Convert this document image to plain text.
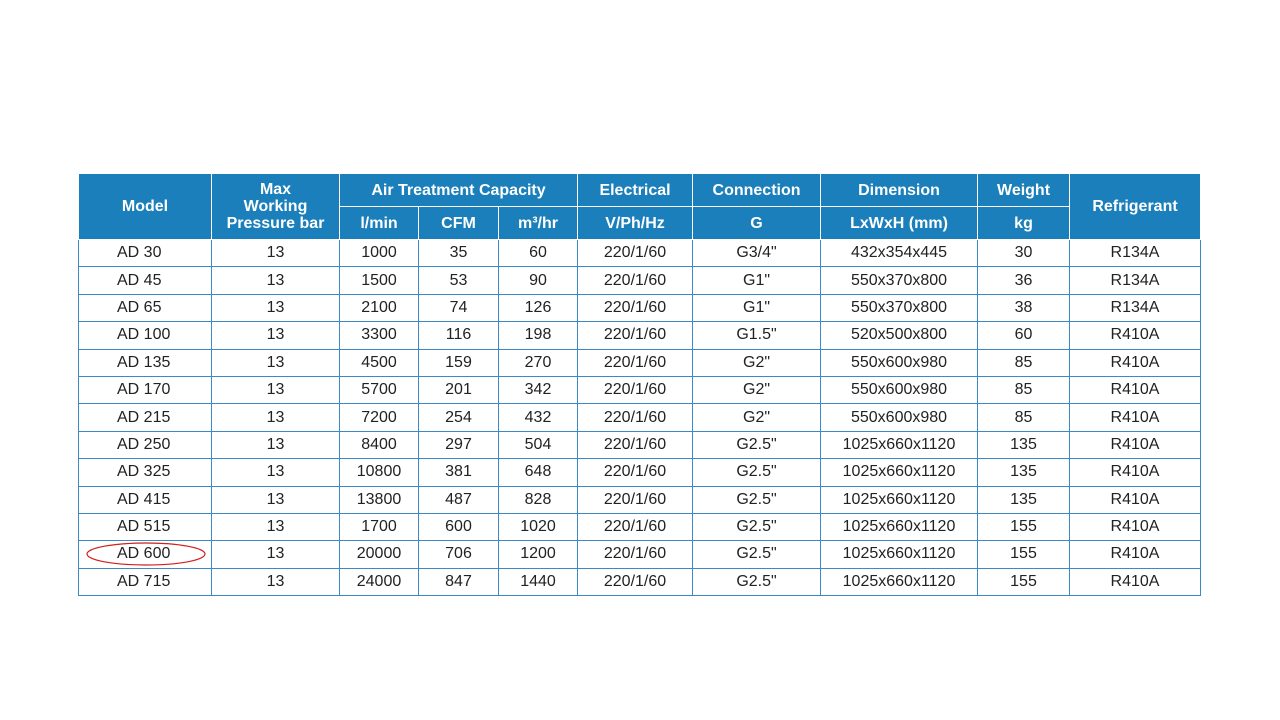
Model	Max
Working
Pressure bar	Air Treatment Capacity			Electrical	Connection	Dimension	Weight	Refrigerant
		l/min	CFM	m³/hr	V/Ph/Hz	G	LxWxH (mm)	kg	
AD 30	13	1000	35	60	220/1/60	G3/4"	432x354x445	30	R134A
AD 45	13	1500	53	90	220/1/60	G1"	550x370x800	36	R134A
AD 65	13	2100	74	126	220/1/60	G1"	550x370x800	38	R134A
AD 100	13	3300	116	198	220/1/60	G1.5"	520x500x800	60	R410A
AD 135	13	4500	159	270	220/1/60	G2"	550x600x980	85	R410A
AD 170	13	5700	201	342	220/1/60	G2"	550x600x980	85	R410A
AD 215	13	7200	254	432	220/1/60	G2"	550x600x980	85	R410A
AD 250	13	8400	297	504	220/1/60	G2.5"	1025x660x1120	135	R410A
AD 325	13	10800	381	648	220/1/60	G2.5"	1025x660x1120	135	R410A
AD 415	13	13800	487	828	220/1/60	G2.5"	1025x660x1120	135	R410A
AD 515	13	1700	600	1020	220/1/60	G2.5"	1025x660x1120	155	R410A

AD 600	13	20000	706	1200	220/1/60	G2.5"	1025x660x1120	155	R410A
AD 715	13	24000	847	1440	220/1/60	G2.5"	1025x660x1120	155	R410A
